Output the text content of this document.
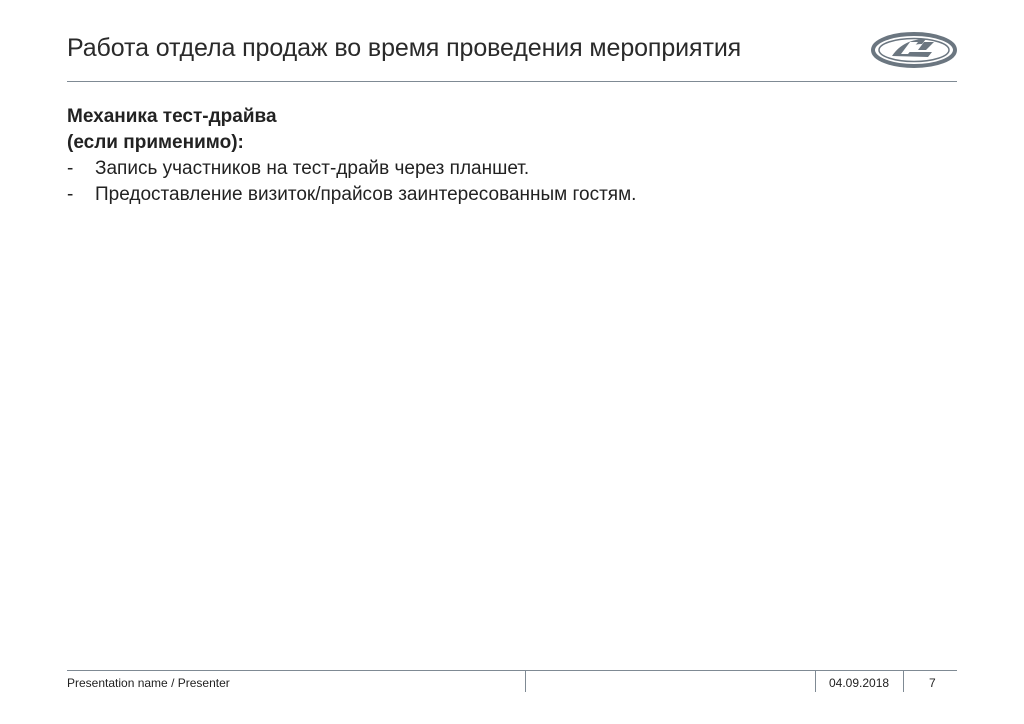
Работа отдела продаж во время проведения мероприятия
Механика тест-драйва
(если применимо):
- Запись участников на тест-драйв через планшет.
- Предоставление визиток/прайсов заинтересованным гостям.
Presentation name / Presenter	04.09.2018	7
